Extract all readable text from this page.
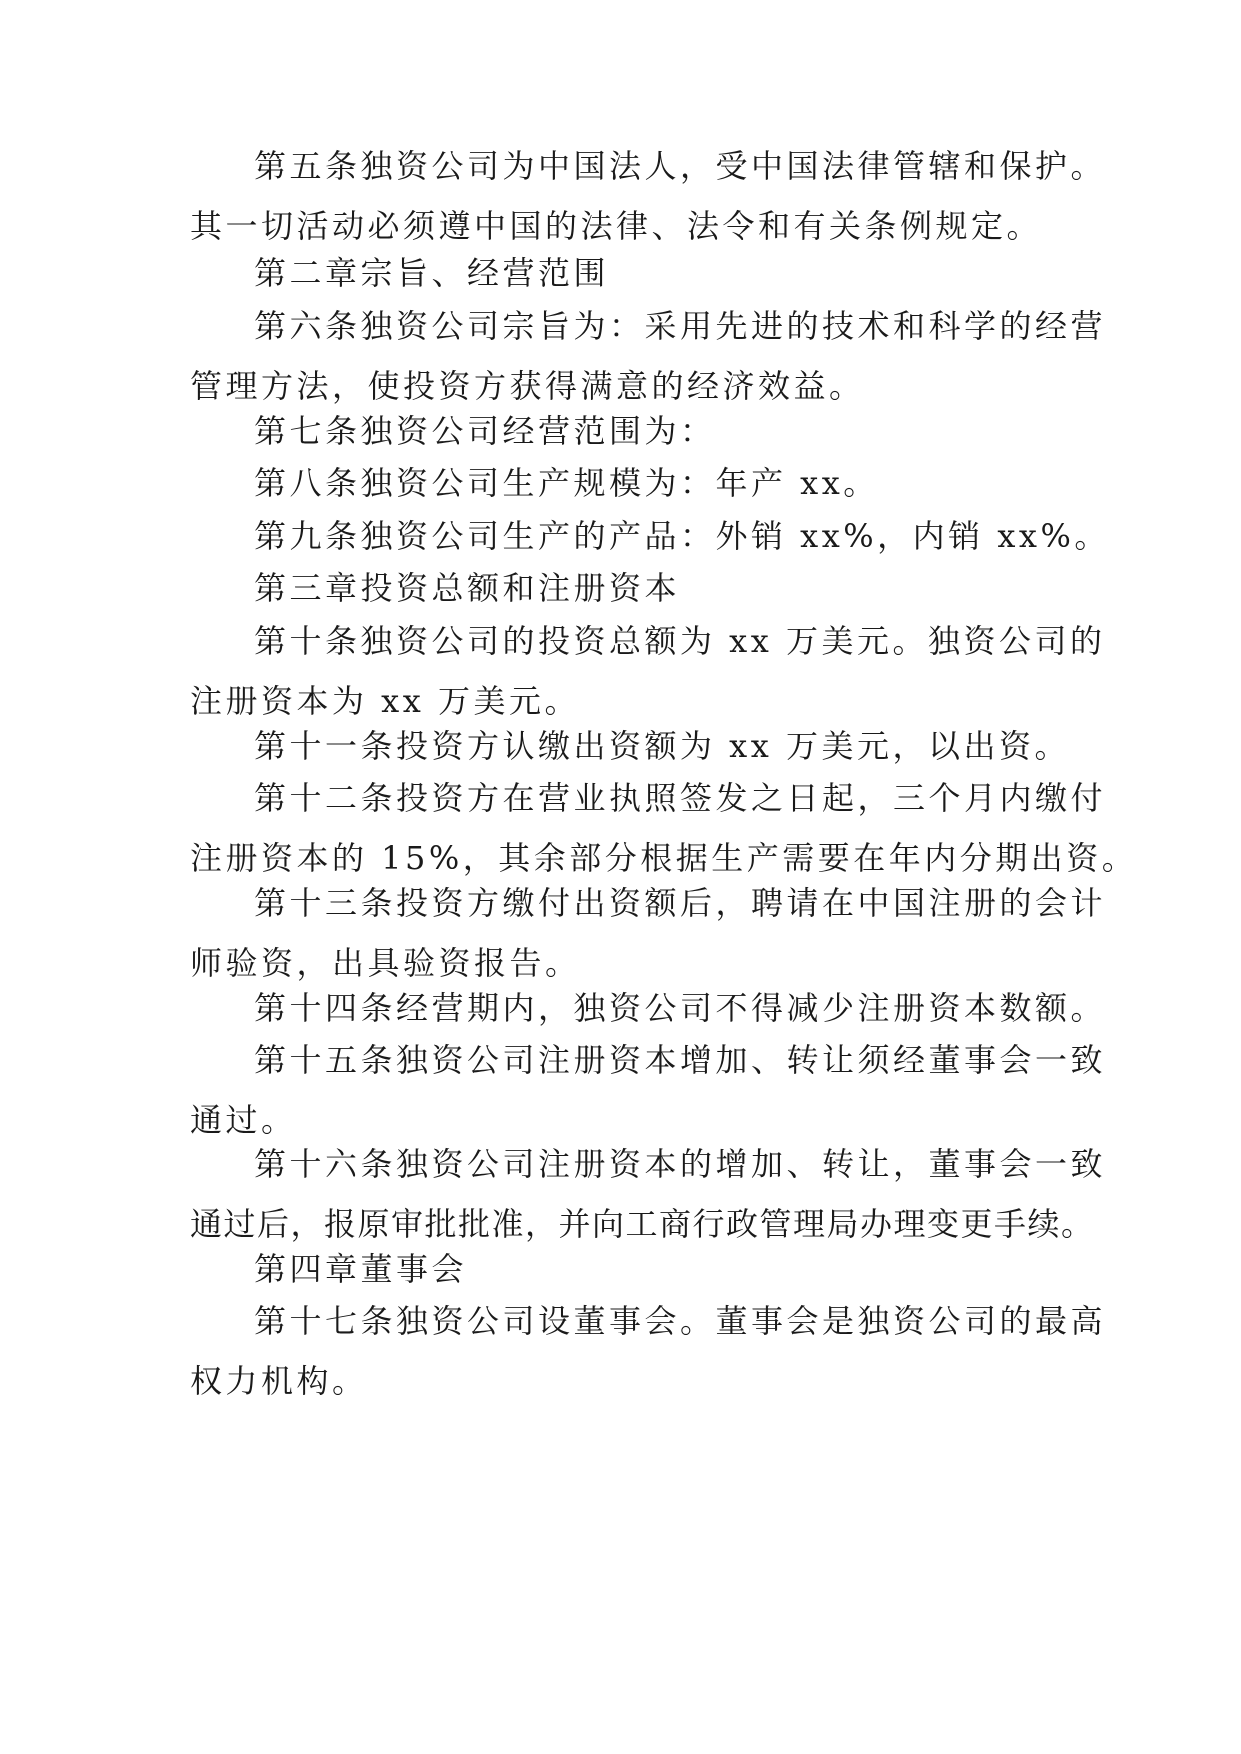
第五条独资公司为中国法人，受中国法律管辖和保护。
其一切活动必须遵中国的法律、法令和有关条例规定。
第二章宗旨、经营范围
第六条独资公司宗旨为：采用先进的技术和科学的经营
管理方法，使投资方获得满意的经济效益。
第七条独资公司经营范围为：
第八条独资公司生产规模为：年产 xx。
第九条独资公司生产的产品：外销 xx%，内销 xx%。
第三章投资总额和注册资本
第十条独资公司的投资总额为 xx 万美元。独资公司的
注册资本为 xx 万美元。
第十一条投资方认缴出资额为 xx 万美元，以出资。
第十二条投资方在营业执照签发之日起，三个月内缴付
注册资本的 15%，其余部分根据生产需要在年内分期出资。
第十三条投资方缴付出资额后，聘请在中国注册的会计
师验资，出具验资报告。
第十四条经营期内，独资公司不得减少注册资本数额。
第十五条独资公司注册资本增加、转让须经董事会一致
通过。
第十六条独资公司注册资本的增加、转让，董事会一致
通过后，报原审批批准，并向工商行政管理局办理变更手续。
第四章董事会
第十七条独资公司设董事会。董事会是独资公司的最高
权力机构。
